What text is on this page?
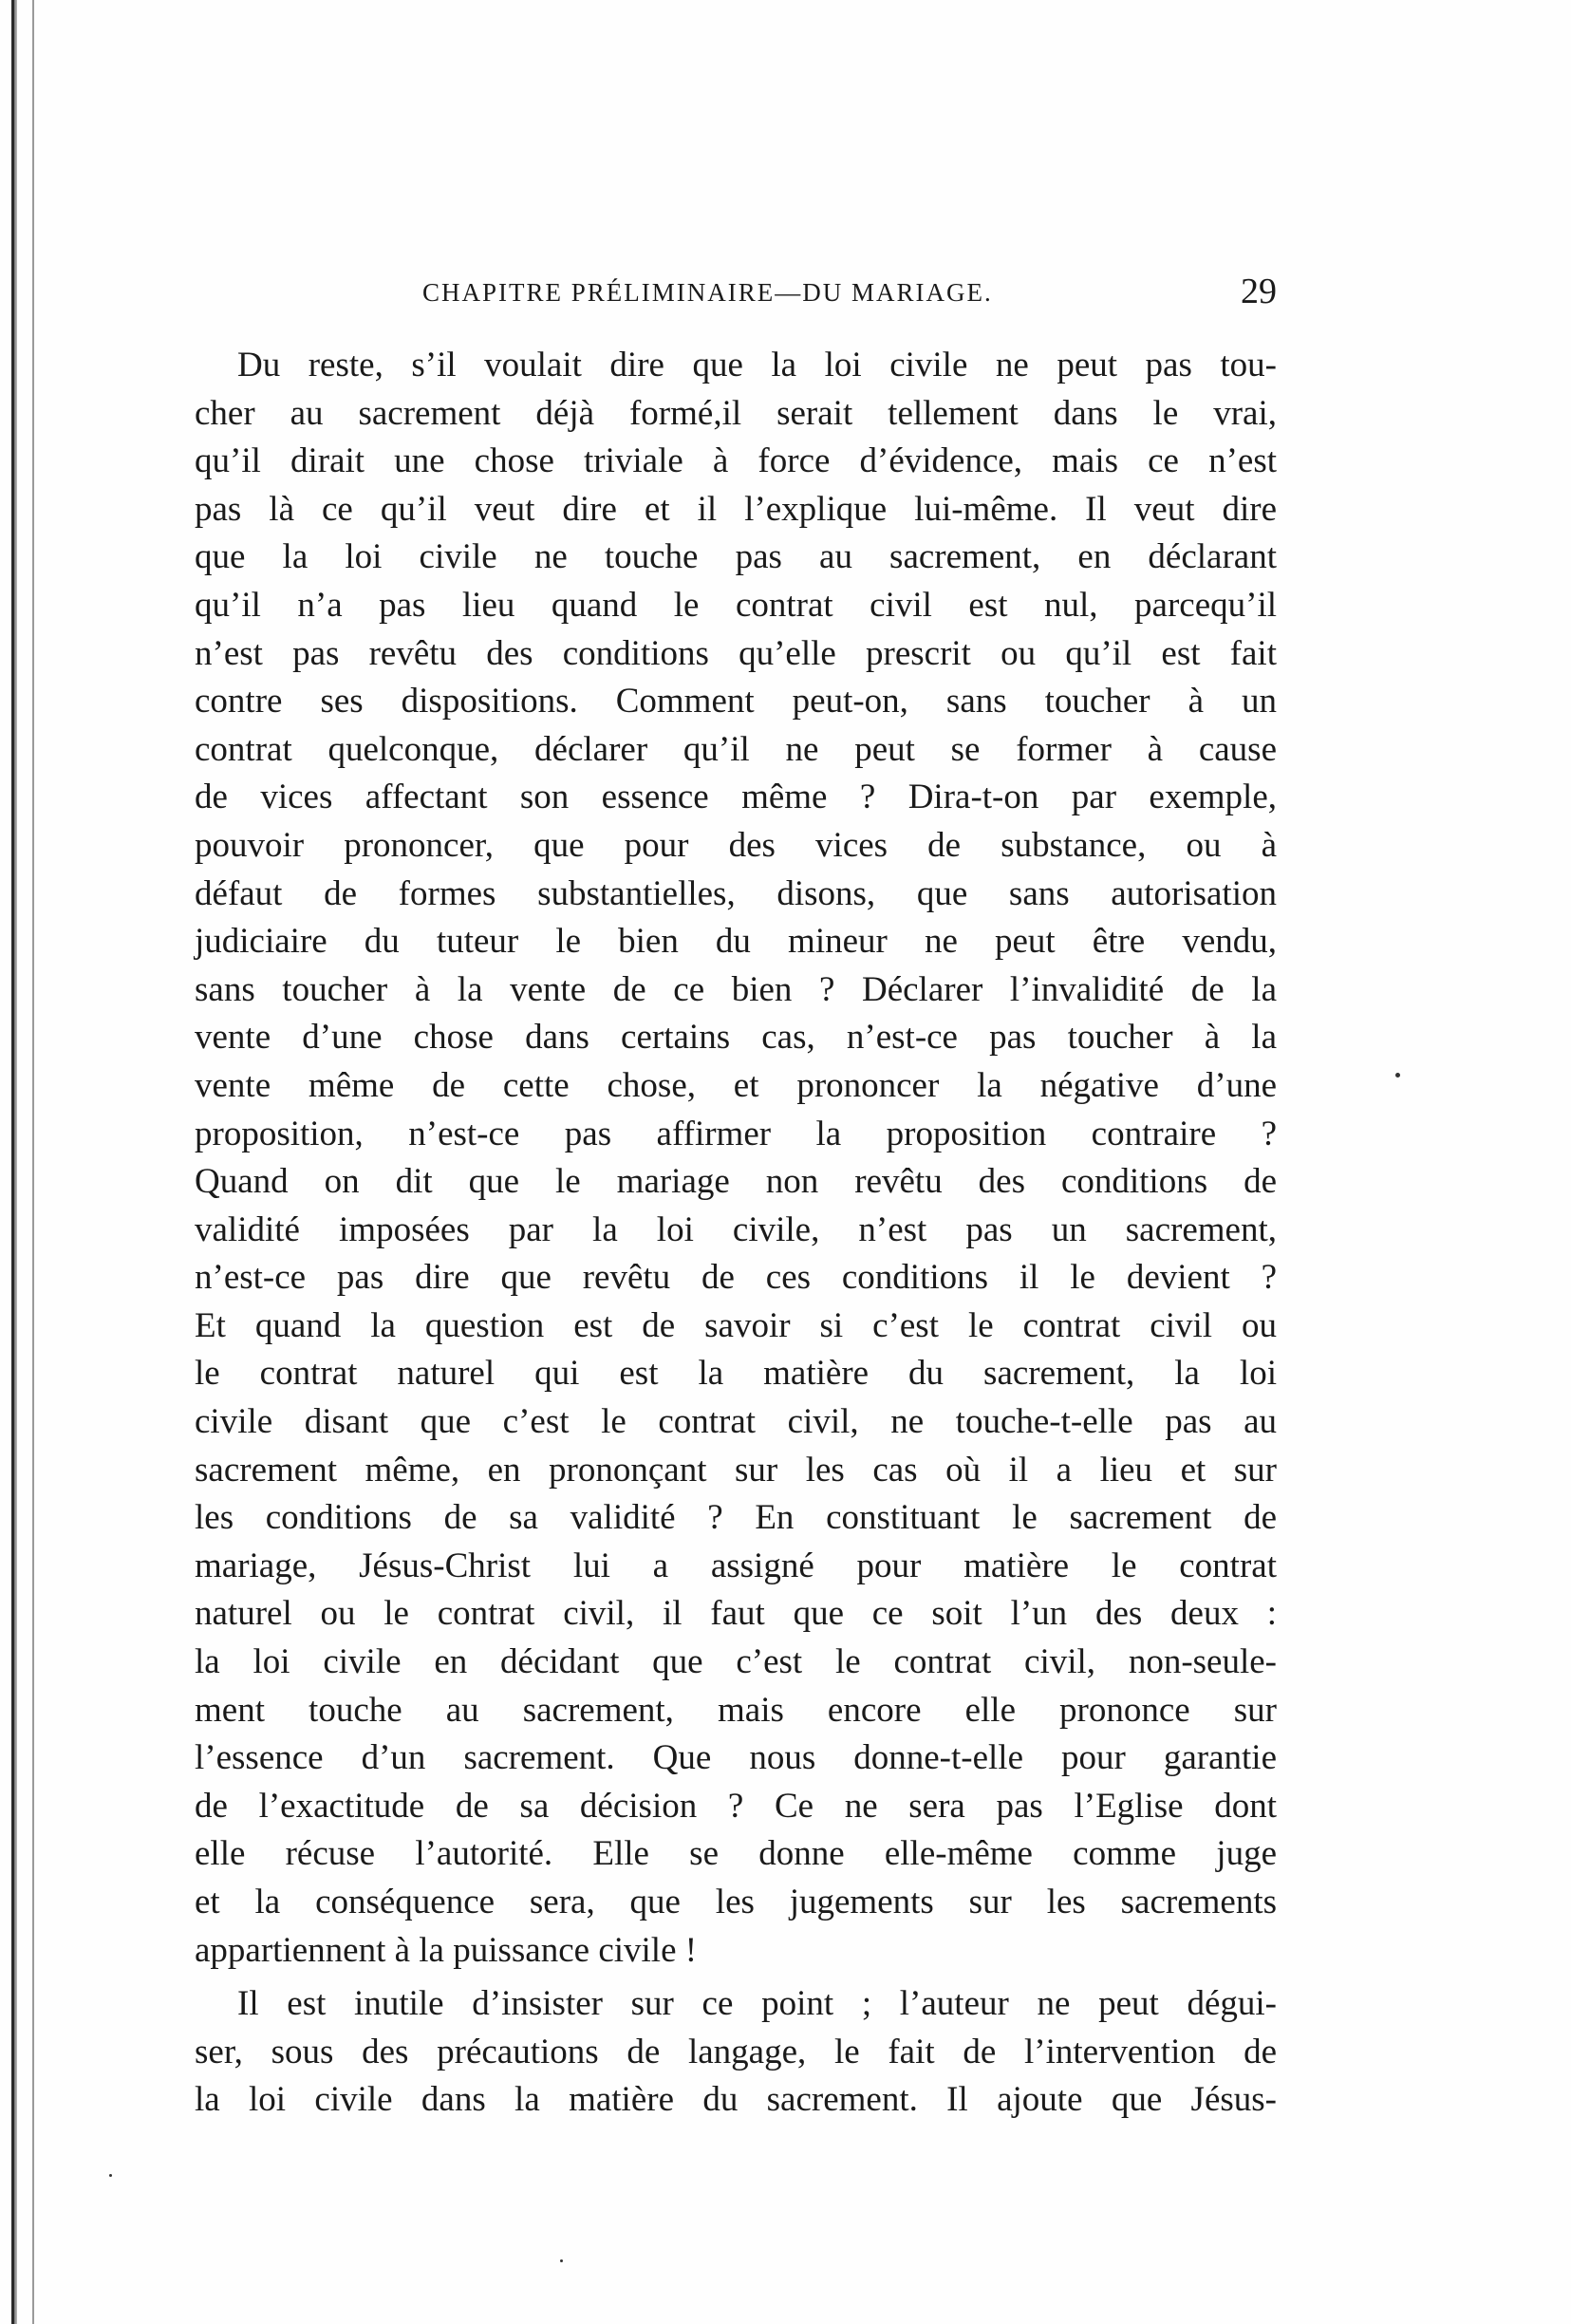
CHAPITRE PRÉLIMINAIRE—DU MARIAGE.	29
Du reste, s’il voulait dire que la loi civile ne peut pas tou-
cher au sacrement déjà formé,il serait tellement dans le vrai,
qu’il dirait une chose triviale à force d’évidence, mais ce n’est
pas là ce qu’il veut dire et il l’explique lui-même. Il veut dire
que la loi civile ne touche pas au sacrement, en déclarant
qu’il n’a pas lieu quand le contrat civil est nul, parcequ’il
n’est pas revêtu des conditions qu’elle prescrit ou qu’il est fait
contre ses dispositions. Comment peut-on, sans toucher à un
contrat quelconque, déclarer qu’il ne peut se former à cause
de vices affectant son essence même ? Dira-t-on par exemple,
pouvoir prononcer, que pour des vices de substance, ou à
défaut de formes substantielles, disons, que sans autorisation
judiciaire du tuteur le bien du mineur ne peut être vendu,
sans toucher à la vente de ce bien ? Déclarer l’invalidité de la
vente d’une chose dans certains cas, n’est-ce pas toucher à la
vente même de cette chose, et prononcer la négative d’une
proposition, n’est-ce pas affirmer la proposition contraire ?
Quand on dit que le mariage non revêtu des conditions de
validité imposées par la loi civile, n’est pas un sacrement,
n’est-ce pas dire que revêtu de ces conditions il le devient ?
Et quand la question est de savoir si c’est le contrat civil ou
le contrat naturel qui est la matière du sacrement, la loi
civile disant que c’est le contrat civil, ne touche-t-elle pas au
sacrement même, en prononçant sur les cas où il a lieu et sur
les conditions de sa validité ? En constituant le sacrement de
mariage, Jésus-Christ lui a assigné pour matière le contrat
naturel ou le contrat civil, il faut que ce soit l’un des deux :
la loi civile en décidant que c’est le contrat civil, non-seule-
ment touche au sacrement, mais encore elle prononce sur
l’essence d’un sacrement. Que nous donne-t-elle pour garantie
de l’exactitude de sa décision ? Ce ne sera pas l’Eglise dont
elle récuse l’autorité. Elle se donne elle-même comme juge
et la conséquence sera, que les jugements sur les sacrements
appartiennent à la puissance civile !
Il est inutile d’insister sur ce point ; l’auteur ne peut dégui-
ser, sous des précautions de langage, le fait de l’intervention de
la loi civile dans la matière du sacrement. Il ajoute que Jésus-
